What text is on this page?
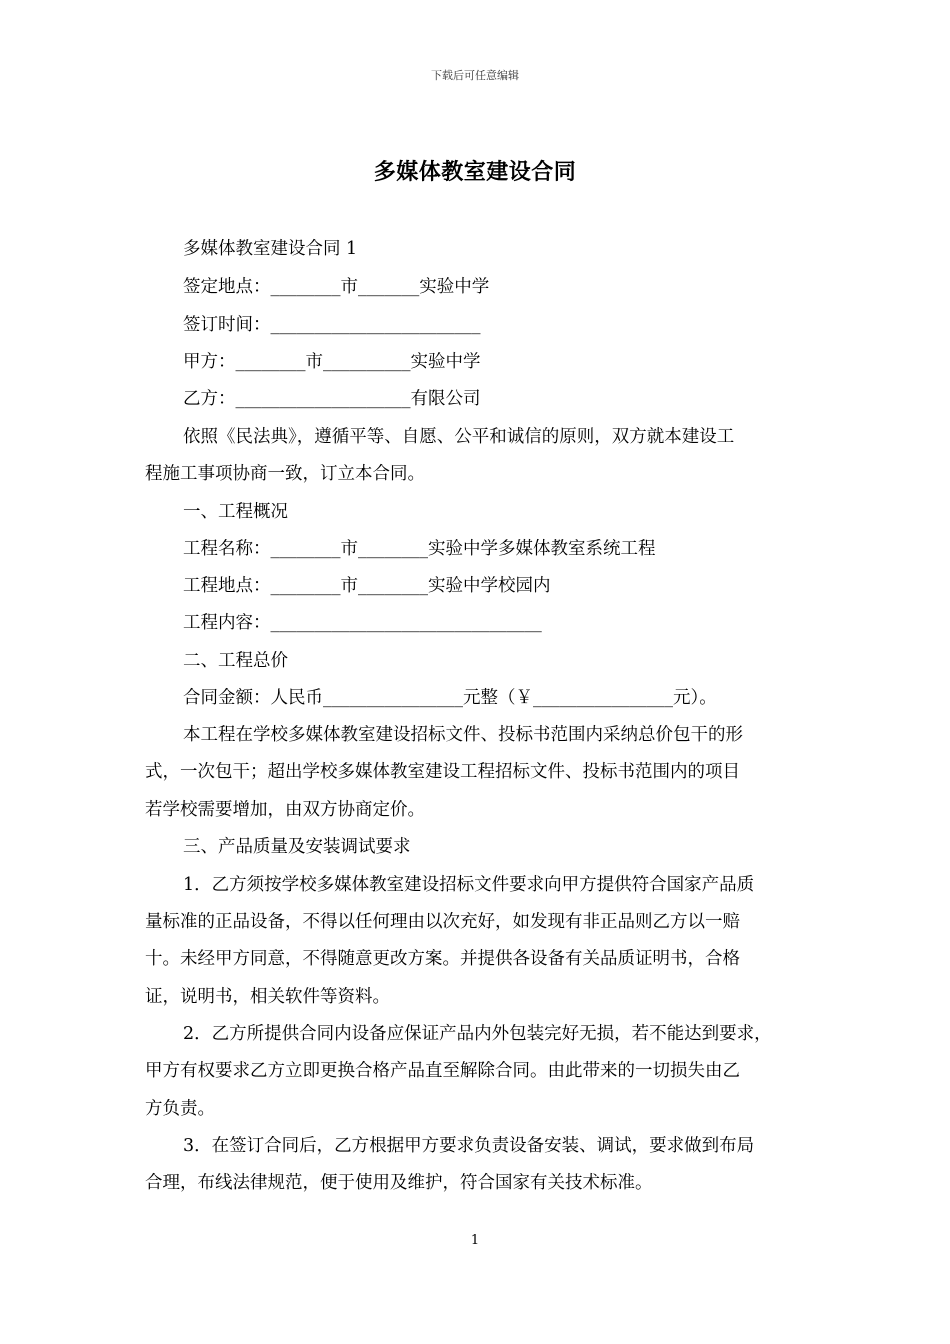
下载后可任意编辑
多媒体教室建设合同
多媒体教室建设合同 1
签定地点：________市_______实验中学
签订时间：________________________
甲方：________市__________实验中学
乙方：____________________有限公司
依照《民法典》，遵循平等、自愿、公平和诚信的原则，双方就本建设工
程施工事项协商一致，订立本合同。
一、工程概况
工程名称：________市________实验中学多媒体教室系统工程
工程地点：________市________实验中学校园内
工程内容：_______________________________
二、工程总价
合同金额：人民币________________元整（￥________________元）。
本工程在学校多媒体教室建设招标文件、投标书范围内采纳总价包干的形
式，一次包干；超出学校多媒体教室建设工程招标文件、投标书范围内的项目
若学校需要增加，由双方协商定价。
三、产品质量及安装调试要求
1．乙方须按学校多媒体教室建设招标文件要求向甲方提供符合国家产品质
量标准的正品设备，不得以任何理由以次充好，如发现有非正品则乙方以一赔
十。未经甲方同意，不得随意更改方案。并提供各设备有关品质证明书，合格
证，说明书，相关软件等资料。
2．乙方所提供合同内设备应保证产品内外包装完好无损，若不能达到要求，
甲方有权要求乙方立即更换合格产品直至解除合同。由此带来的一切损失由乙
方负责。
3．在签订合同后，乙方根据甲方要求负责设备安装、调试，要求做到布局
合理，布线法律规范，便于使用及维护，符合国家有关技术标准。
1
